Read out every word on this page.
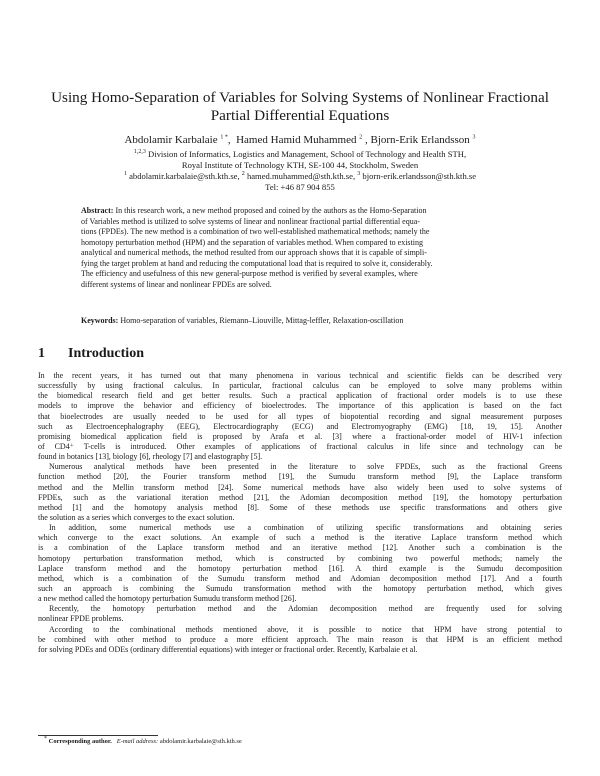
Using Homo-Separation of Variables for Solving Systems of Nonlinear Fractional
Partial Differential Equations
Abdolamir Karbalaie $^{1 *}$,  Hamed Hamid Muhammed $^2$ , Bjorn-Erik Erlandsson $^3$
$^{1,2,3}$ Division of Informatics, Logistics and Management, School of Technology and Health STH,
Royal Institute of Technology KTH, SE-100 44, Stockholm, Sweden
$^1$ abdolamir.karbalaie@sth.kth.se, $^2$ hamed.muhammed@sth.kth.se, $^3$ bjorn-erik.erlandsson@sth.kth.se
Tel: +46 87 904 855
Abstract: In this research work, a new method proposed and coined by the authors as the Homo-Separation
of Variables method is utilized to solve systems of linear and nonlinear fractional partial differential equa-
tions (FPDEs). The new method is a combination of two well-established mathematical methods; namely the
homotopy perturbation method (HPM) and the separation of variables method. When compared to existing
analytical and numerical methods, the method resulted from our approach shows that it is capable of simpli-
fying the target problem at hand and reducing the computational load that is required to solve it, considerably.
The efficiency and usefulness of this new general-purpose method is verified by several examples, where
different systems of linear and nonlinear FPDEs are solved.
Keywords: Homo-separation of variables, Riemann–Liouville, Mittag-leffler, Relaxation-oscillation
1 Introduction
In the recent years, it has turned out that many phenomena in various technical and scientific fields can be described very
successfully by using fractional calculus. In particular, fractional calculus can be employed to solve many problems within
the biomedical research field and get better results. Such a practical application of fractional order models is to use these
models to improve the behavior and efficiency of bioelectrodes. The importance of this application is based on the fact
that bioelectrodes are usually needed to be used for all types of biopotential recording and signal measurement purposes
such as Electroencephalography (EEG), Electrocardiography (ECG) and Electromyography (EMG) [18, 19, 15]. Another
promising biomedical application field is proposed by Arafa et al. [3] where a fractional-order model of HIV-1 infection
of CD4⁺ T-cells is introduced. Other examples of applications of fractional calculus in life since and technology can be
found in botanics [13], biology [6], rheology [7] and elastography [5].
Numerous analytical methods have been presented in the literature to solve FPDEs, such as the fractional Greens
function method [20], the Fourier transform method [19], the Sumudu transform method [9], the Laplace transform
method and the Mellin transform method [24]. Some numerical methods have also widely been used to solve systems of
FPDEs, such as the variational iteration method [21], the Adomian decomposition method [19], the homotopy perturbation
method [1] and the homotopy analysis method [8]. Some of these methods use specific transformations and others give
the solution as a series which converges to the exact solution.
In addition, some numerical methods use a combination of utilizing specific transformations and obtaining series
which converge to the exact solutions. An example of such a method is the iterative Laplace transform method which
is a combination of the Laplace transform method and an iterative method [12]. Another such a combination is the
homotopy perturbation transformation method, which is constructed by combining two powerful methods; namely the
Laplace transform method and the homotopy perturbation method [16]. A third example is the Sumudu decomposition
method, which is a combination of the Sumudu transform method and Adomian decomposition method [17]. And a fourth
such an approach is combining the Sumudu transformation method with the homotopy perturbation method, which gives
a new method called the homotopy perturbation Sumudu transform method [26].
Recently, the homotopy perturbation method and the Adomian decomposition method are frequently used for solving
nonlinear FPDE problems.
According to the combinational methods mentioned above, it is possible to notice that HPM have strong potential to
be combined with other method to produce a more efficient approach. The main reason is that HPM is an efficient method
for solving PDEs and ODEs (ordinary differential equations) with integer or fractional order. Recently, Karbalaie et al.
* Corresponding author. E-mail address: abdolamir.karbalaie@sth.kth.se
